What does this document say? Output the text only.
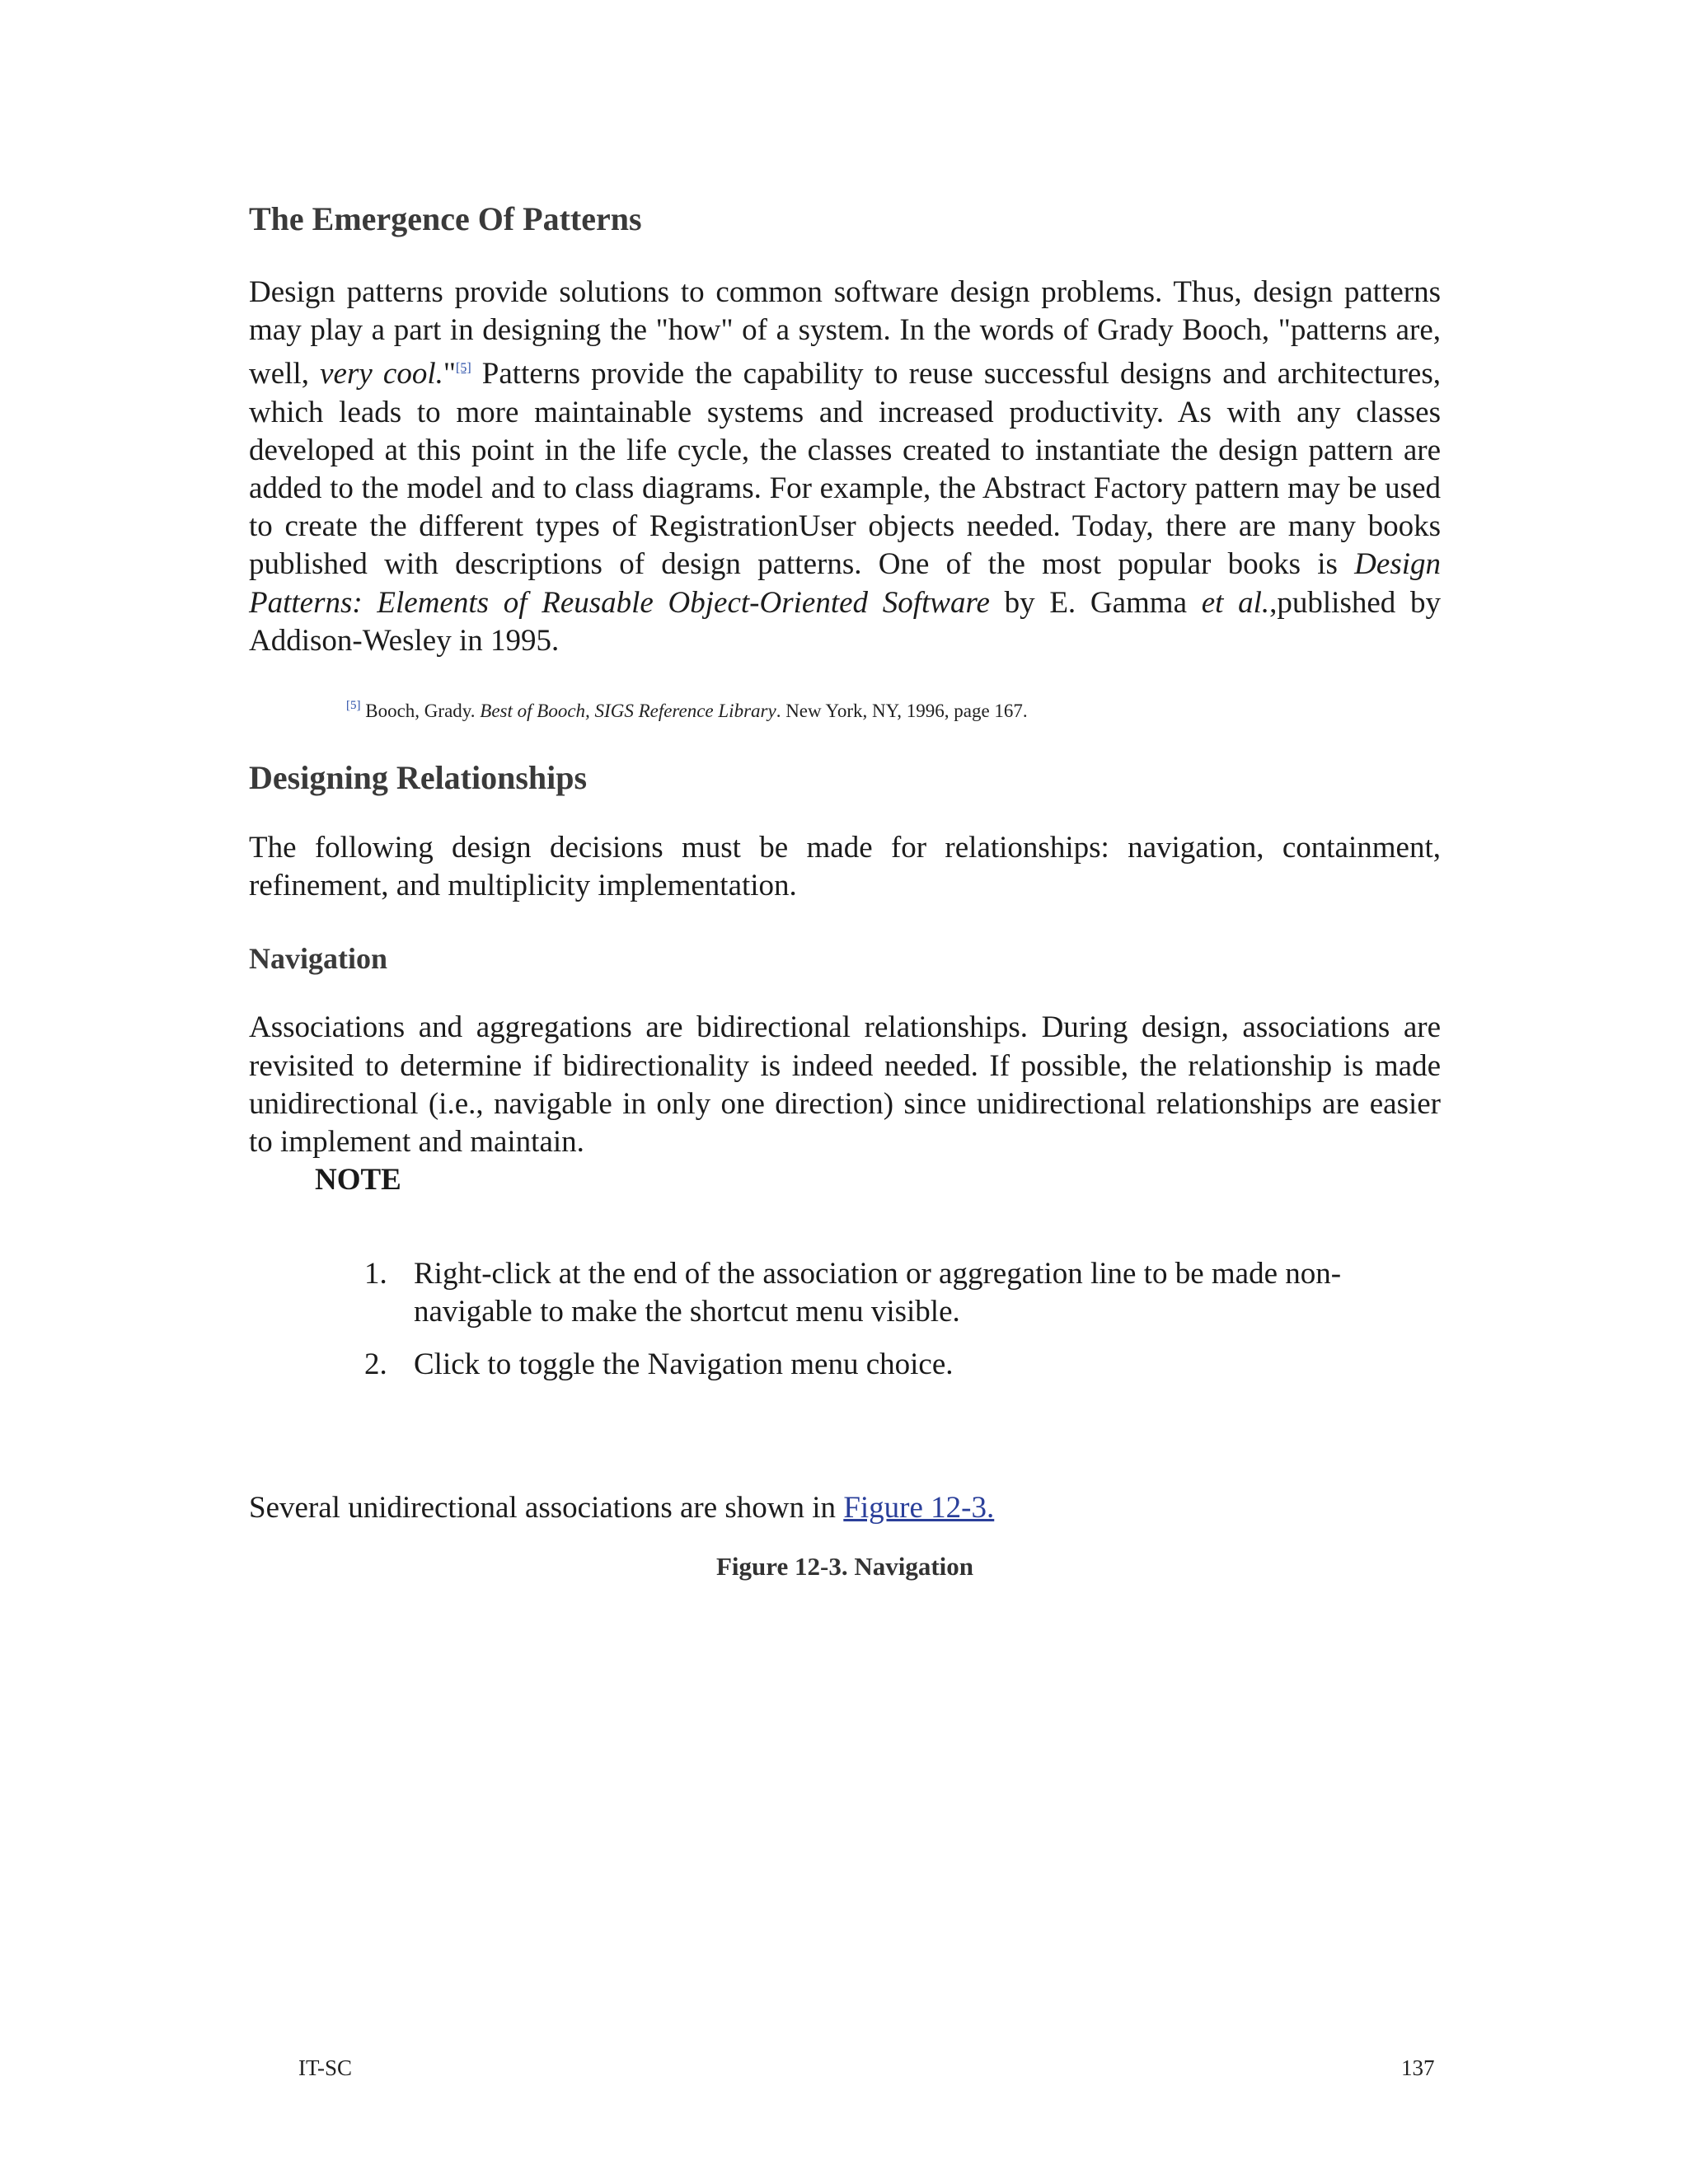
The Emergence Of Patterns

Design patterns provide solutions to common software design problems. Thus, design patterns may play a part in designing the "how" of a system. In the words of Grady Booch, "patterns are, well, very cool."[5] Patterns provide the capability to reuse successful designs and architectures, which leads to more maintainable systems and increased productivity. As with any classes developed at this point in the life cycle, the classes created to instantiate the design pattern are added to the model and to class diagrams. For example, the Abstract Factory pattern may be used to create the different types of RegistrationUser objects needed. Today, there are many books published with descriptions of design patterns. One of the most popular books is Design Patterns: Elements of Reusable Object-Oriented Software by E. Gamma et al.,published by Addison-Wesley in 1995.

[5] Booch, Grady. Best of Booch, SIGS Reference Library. New York, NY, 1996, page 167.

Designing Relationships

The following design decisions must be made for relationships: navigation, containment, refinement, and multiplicity implementation.

Navigation

Associations and aggregations are bidirectional relationships. During design, associations are revisited to determine if bidirectionality is indeed needed. If possible, the relationship is made unidirectional (i.e., navigable in only one direction) since unidirectional relationships are easier to implement and maintain.

NOTE

1. Right-click at the end of the association or aggregation line to be made non-navigable to make the shortcut menu visible.
2. Click to toggle the Navigation menu choice.

Several unidirectional associations are shown in Figure 12-3.

Figure 12-3. Navigation

IT-SC	137
